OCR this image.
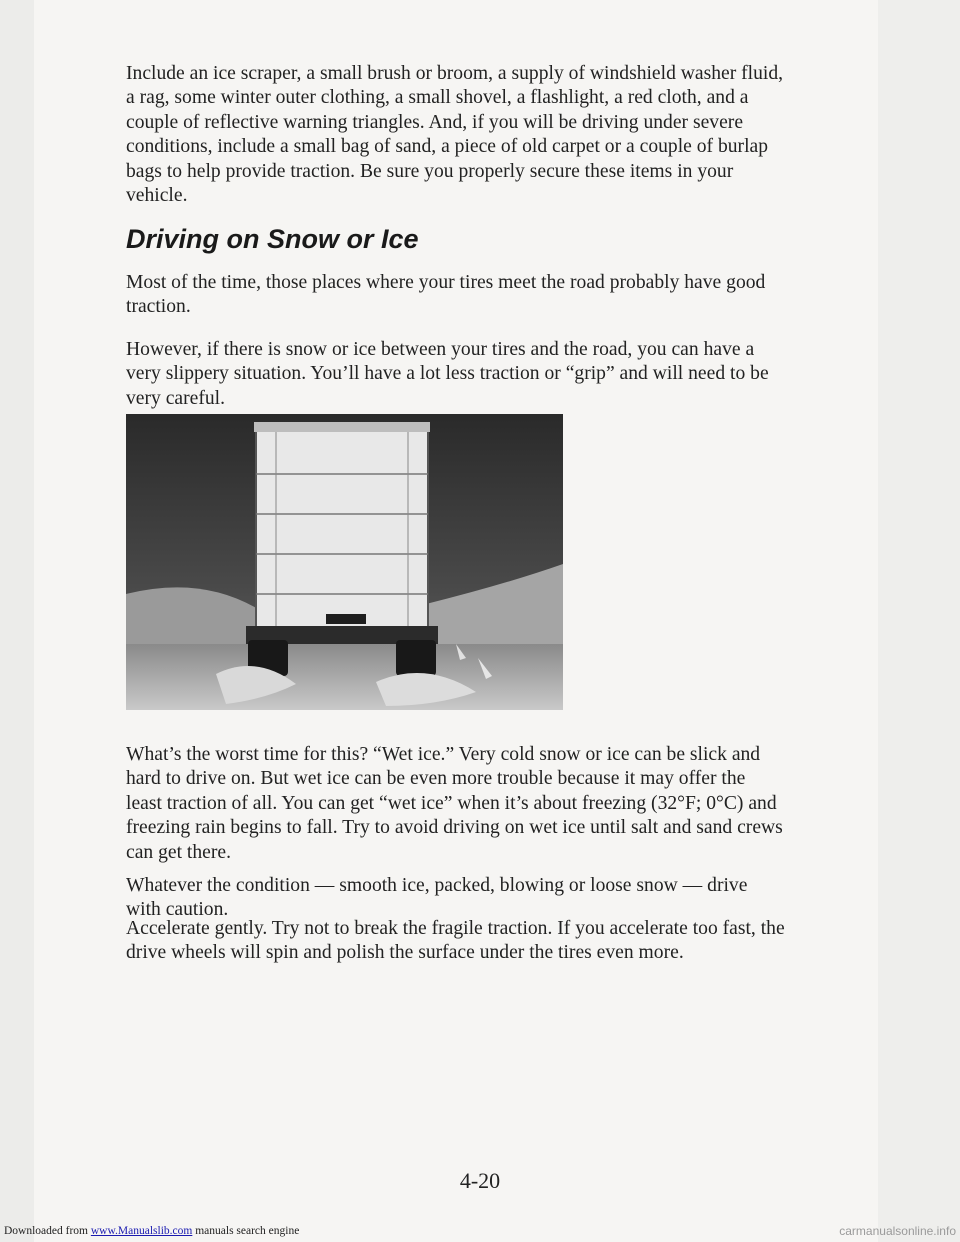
Include an ice scraper, a small brush or broom, a supply of windshield washer fluid, a rag, some winter outer clothing, a small shovel, a flashlight, a red cloth, and a couple of reflective warning triangles. And, if you will be driving under severe conditions, include a small bag of sand, a piece of old carpet or a couple of burlap bags to help provide traction. Be sure you properly secure these items in your vehicle.

Driving on Snow or Ice

Most of the time, those places where your tires meet the road probably have good traction.

However, if there is snow or ice between your tires and the road, you can have a very slippery situation. You’ll have a lot less traction or “grip” and will need to be very careful.

What’s the worst time for this? “Wet ice.” Very cold snow or ice can be slick and hard to drive on. But wet ice can be even more trouble because it may offer the least traction of all. You can get “wet ice” when it’s about freezing (32°F; 0°C) and freezing rain begins to fall. Try to avoid driving on wet ice until salt and sand crews can get there.

Whatever the condition — smooth ice, packed, blowing or loose snow — drive with caution.

Accelerate gently. Try not to break the fragile traction. If you accelerate too fast, the drive wheels will spin and polish the surface under the tires even more.

4-20
Downloaded from www.Manualslib.com manuals search engine	carmanualsonline.info
